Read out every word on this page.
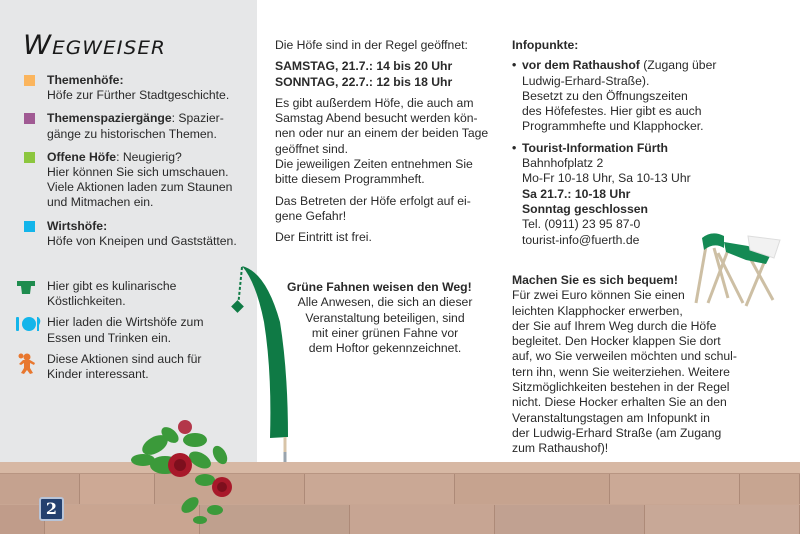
Wegweiser
Themenhöfe:
Höfe zur Fürther Stadtgeschichte.
Themenspaziergänge: Spazier-
gänge zu historischen Themen.
Offene Höfe: Neugierig?

Hier können Sie sich umschauen. Viele Aktionen laden zum Staunen und Mitmachen ein.
Wirtshöfe:
Höfe von Kneipen und Gaststätten.
Hier gibt es kulinarische Köstlichkeiten.
Hier laden die Wirtshöfe zum Essen und Trinken ein.
Diese Aktionen sind auch für Kinder interessant.

Die Höfe sind in der Regel geöffnet:

SAMSTAG, 21.7.: 14 bis 20 Uhr
SONNTAG, 22.7.: 12 bis 18 Uhr

Es gibt außerdem Höfe, die auch am Samstag Abend besucht werden kön-nen oder nur an einem der beiden Tage geöffnet sind.

Die jeweiligen Zeiten entnehmen Sie bitte diesem Programmheft.

Das Betreten der Höfe erfolgt auf ei-gene Gefahr!

Der Eintritt ist frei.

Grüne Fahnen weisen den Weg!
Alle Anwesen, die sich an dieser
Veranstaltung beteiligen, sind
mit einer grünen Fahne vor
dem Hoftor gekennzeichnet.
Infopunkte:
• vor dem Rathaushof (Zugang über Ludwig-Erhard-Straße).
Besetzt zu den Öffnungszeiten
des Höfefestes. Hier gibt es auch
Programmhefte und Klapphocker.
• Tourist-Information Fürth
Bahnhofplatz 2
Mo-Fr 10-18 Uhr, Sa 10-13 Uhr
Sa 21.7.: 10-18 Uhr
Sonntag geschlossen
Tel. (0911) 23 95 87-0
tourist-info@fuerth.de
Machen Sie es sich bequem!
Für zwei Euro können Sie einen
leichten Klapphocker erwerben,
der Sie auf Ihrem Weg durch die Höfe
begleitet. Den Hocker klappen Sie dort
auf, wo Sie verweilen möchten und schul-
tern ihn, wenn Sie weiterziehen. Weitere
Sitzmöglichkeiten bestehen in der Regel
nicht. Diese Hocker erhalten Sie an den
Veranstaltungstagen am Infopunkt in
der Ludwig-Erhard Straße (am Zugang
zum Rathaushof)!
2
